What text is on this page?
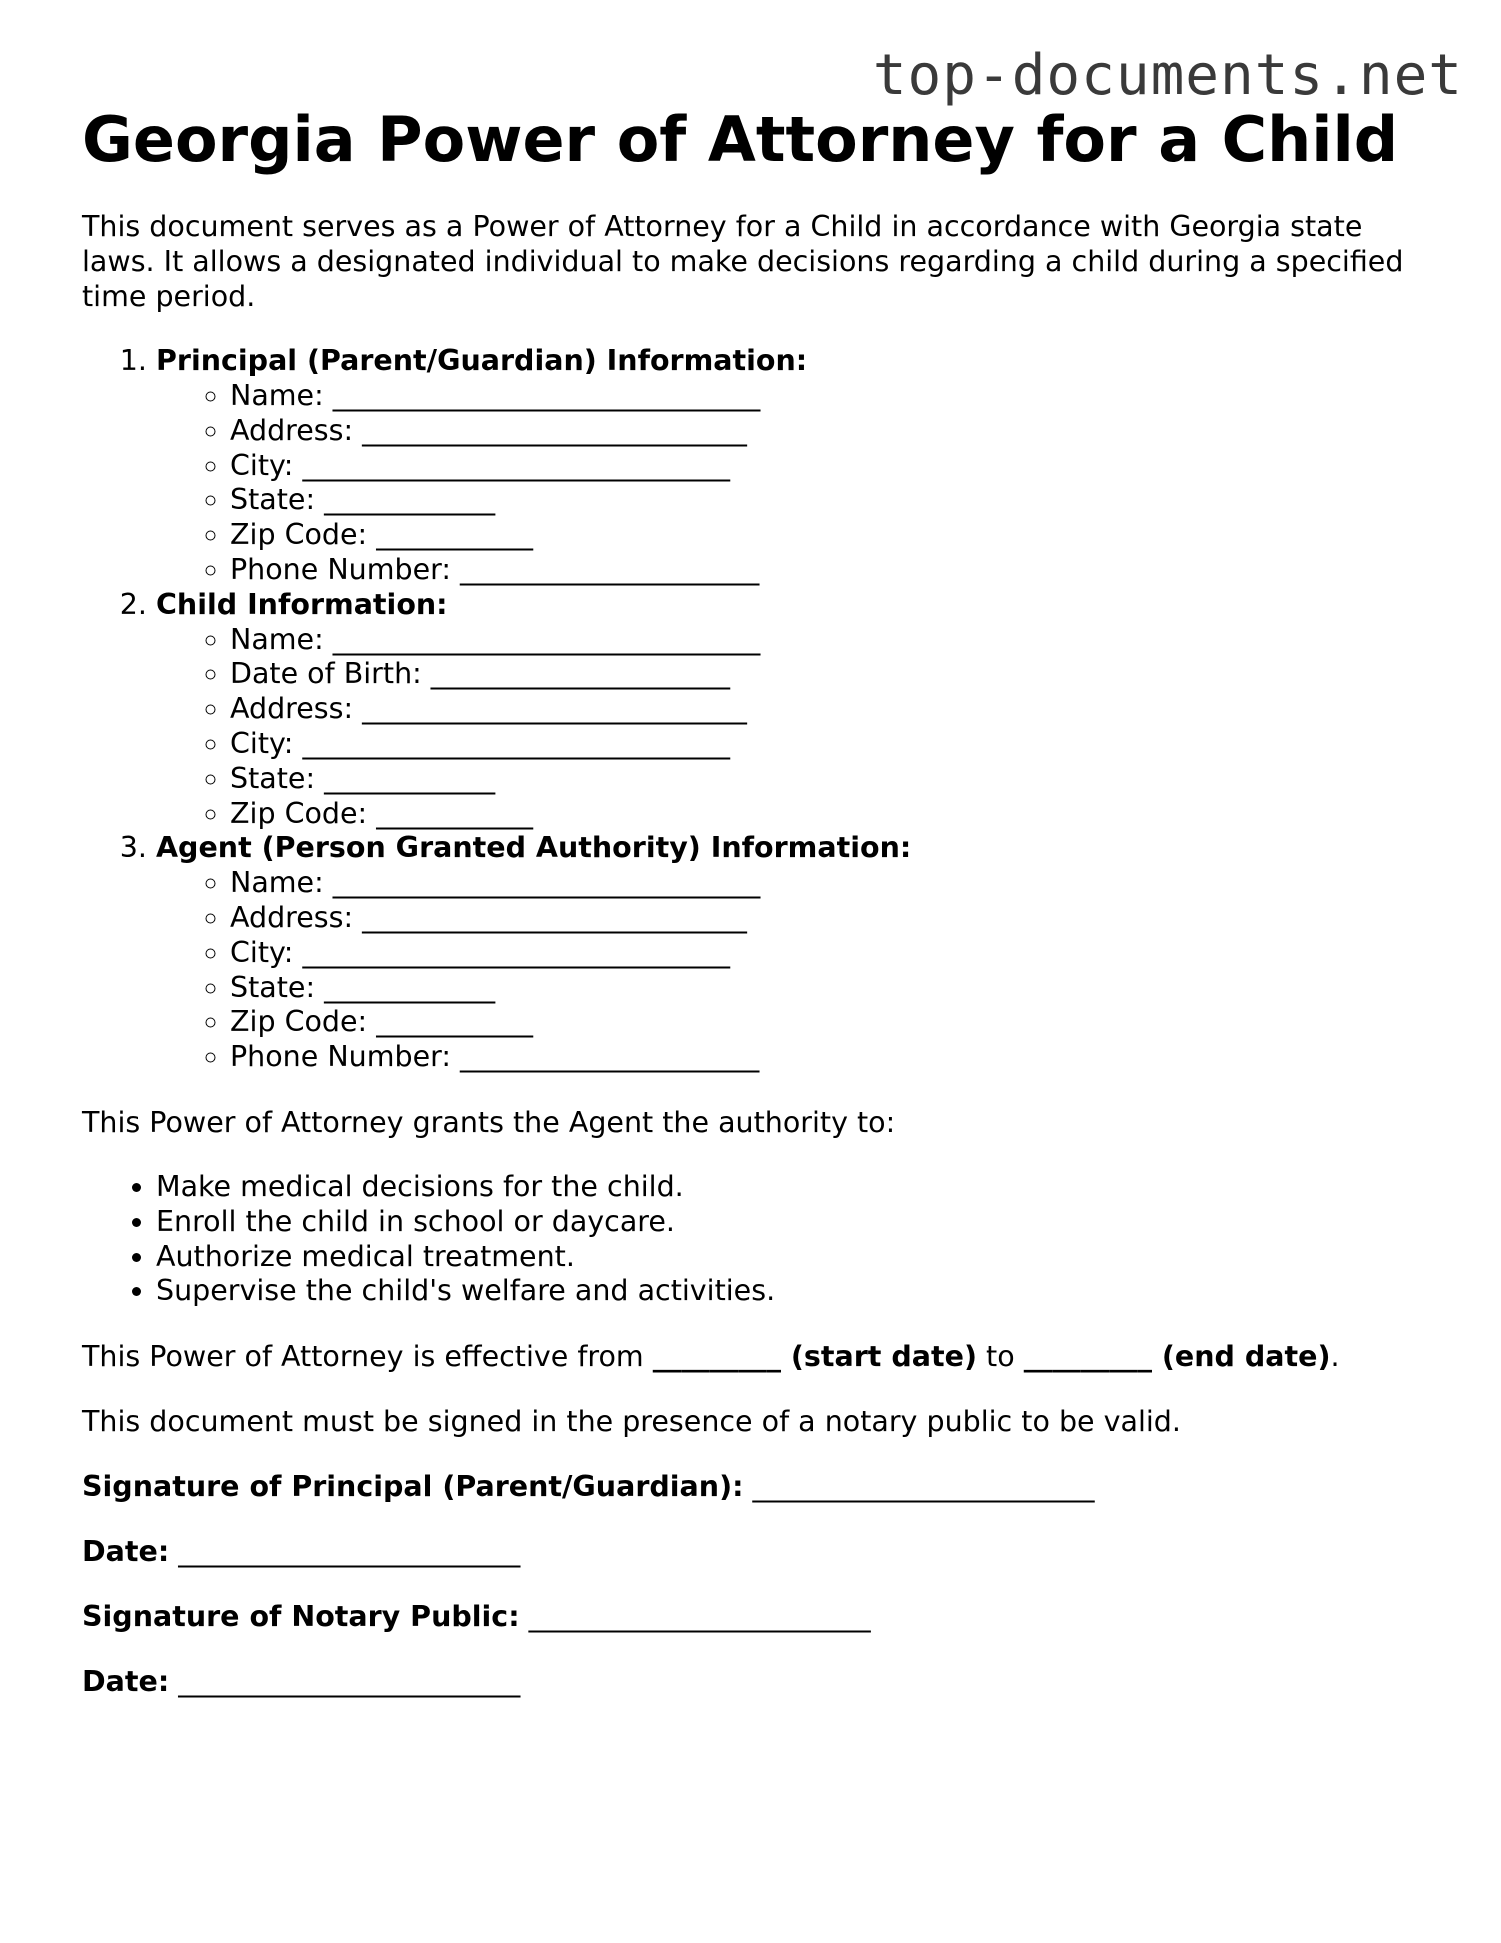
top-documents.net
Georgia Power of Attorney for a Child

This document serves as a Power of Attorney for a Child in accordance with Georgia state laws. It allows a designated individual to make decisions regarding a child during a specified time period.

1. Principal (Parent/Guardian) Information:
◦ Name: ______________________________
◦ Address: ___________________________
◦ City: ______________________________
◦ State: ____________
◦ Zip Code: ___________
◦ Phone Number: _____________________
2. Child Information:
◦ Name: ______________________________
◦ Date of Birth: _____________________
◦ Address: ___________________________
◦ City: ______________________________
◦ State: ____________
◦ Zip Code: ___________
3. Agent (Person Granted Authority) Information:
◦ Name: ______________________________
◦ Address: ___________________________
◦ City: ______________________________
◦ State: ____________
◦ Zip Code: ___________
◦ Phone Number: _____________________

This Power of Attorney grants the Agent the authority to:

• Make medical decisions for the child.
• Enroll the child in school or daycare.
• Authorize medical treatment.
• Supervise the child's welfare and activities.

This Power of Attorney is effective from _________ (start date) to _________ (end date).

This document must be signed in the presence of a notary public to be valid.

Signature of Principal (Parent/Guardian): ________________________

Date: ________________________

Signature of Notary Public: ________________________

Date: ________________________
